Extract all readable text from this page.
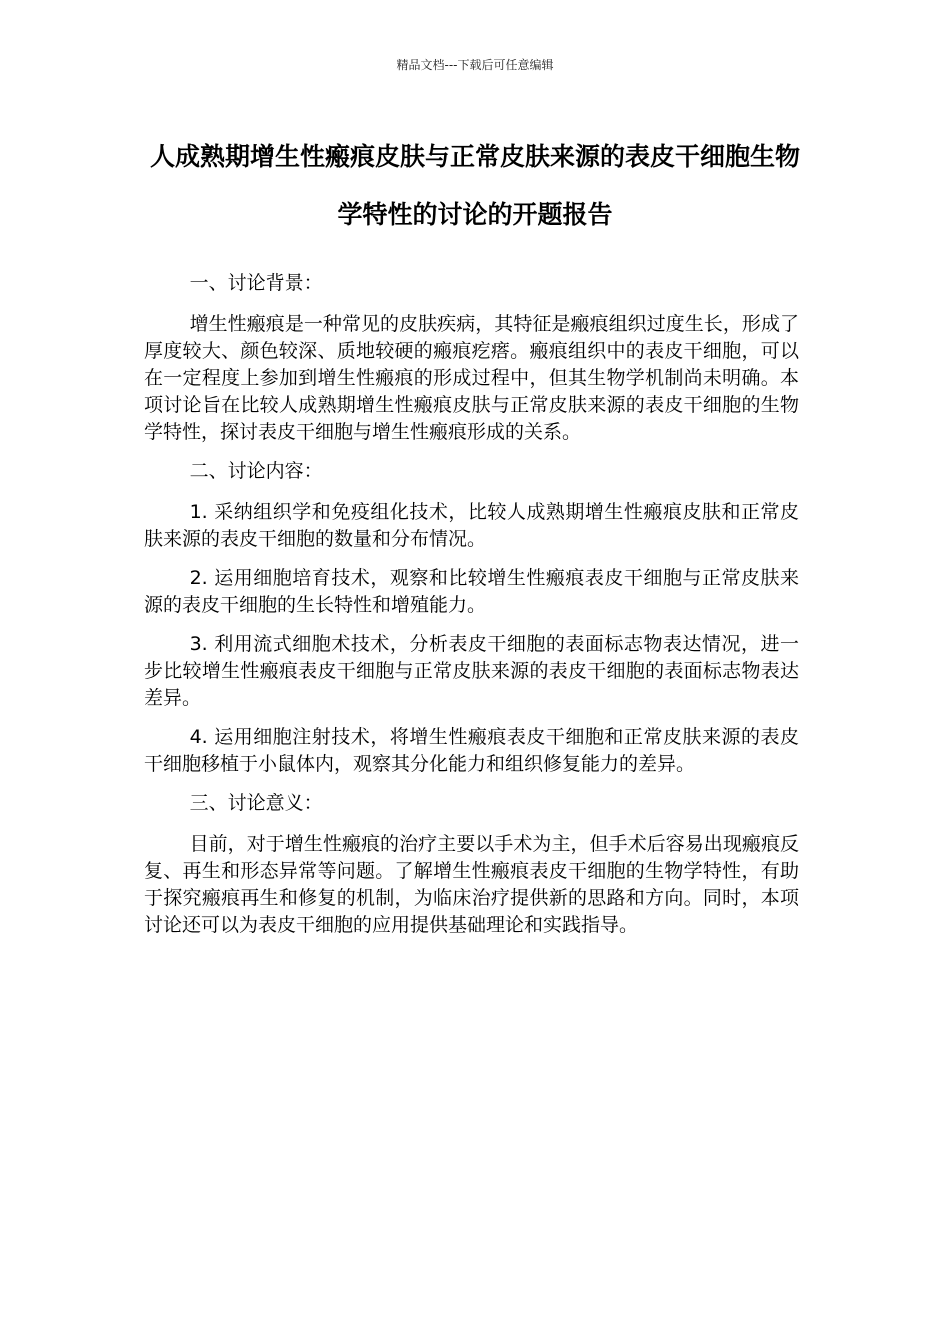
精品文档---下载后可任意编辑
人成熟期增生性瘢痕皮肤与正常皮肤来源的表皮干细胞生物学特性的讨论的开题报告

一、讨论背景：

增生性瘢痕是一种常见的皮肤疾病，其特征是瘢痕组织过度生长，形成了厚度较大、颜色较深、质地较硬的瘢痕疙瘩。瘢痕组织中的表皮干细胞，可以在一定程度上参加到增生性瘢痕的形成过程中，但其生物学机制尚未明确。本项讨论旨在比较人成熟期增生性瘢痕皮肤与正常皮肤来源的表皮干细胞的生物学特性，探讨表皮干细胞与增生性瘢痕形成的关系。

二、讨论内容：

1. 采纳组织学和免疫组化技术，比较人成熟期增生性瘢痕皮肤和正常皮肤来源的表皮干细胞的数量和分布情况。

2. 运用细胞培育技术，观察和比较增生性瘢痕表皮干细胞与正常皮肤来源的表皮干细胞的生长特性和增殖能力。

3. 利用流式细胞术技术，分析表皮干细胞的表面标志物表达情况，进一步比较增生性瘢痕表皮干细胞与正常皮肤来源的表皮干细胞的表面标志物表达差异。

4. 运用细胞注射技术，将增生性瘢痕表皮干细胞和正常皮肤来源的表皮干细胞移植于小鼠体内，观察其分化能力和组织修复能力的差异。

三、讨论意义：

目前，对于增生性瘢痕的治疗主要以手术为主，但手术后容易出现瘢痕反复、再生和形态异常等问题。了解增生性瘢痕表皮干细胞的生物学特性，有助于探究瘢痕再生和修复的机制，为临床治疗提供新的思路和方向。同时，本项讨论还可以为表皮干细胞的应用提供基础理论和实践指导。
